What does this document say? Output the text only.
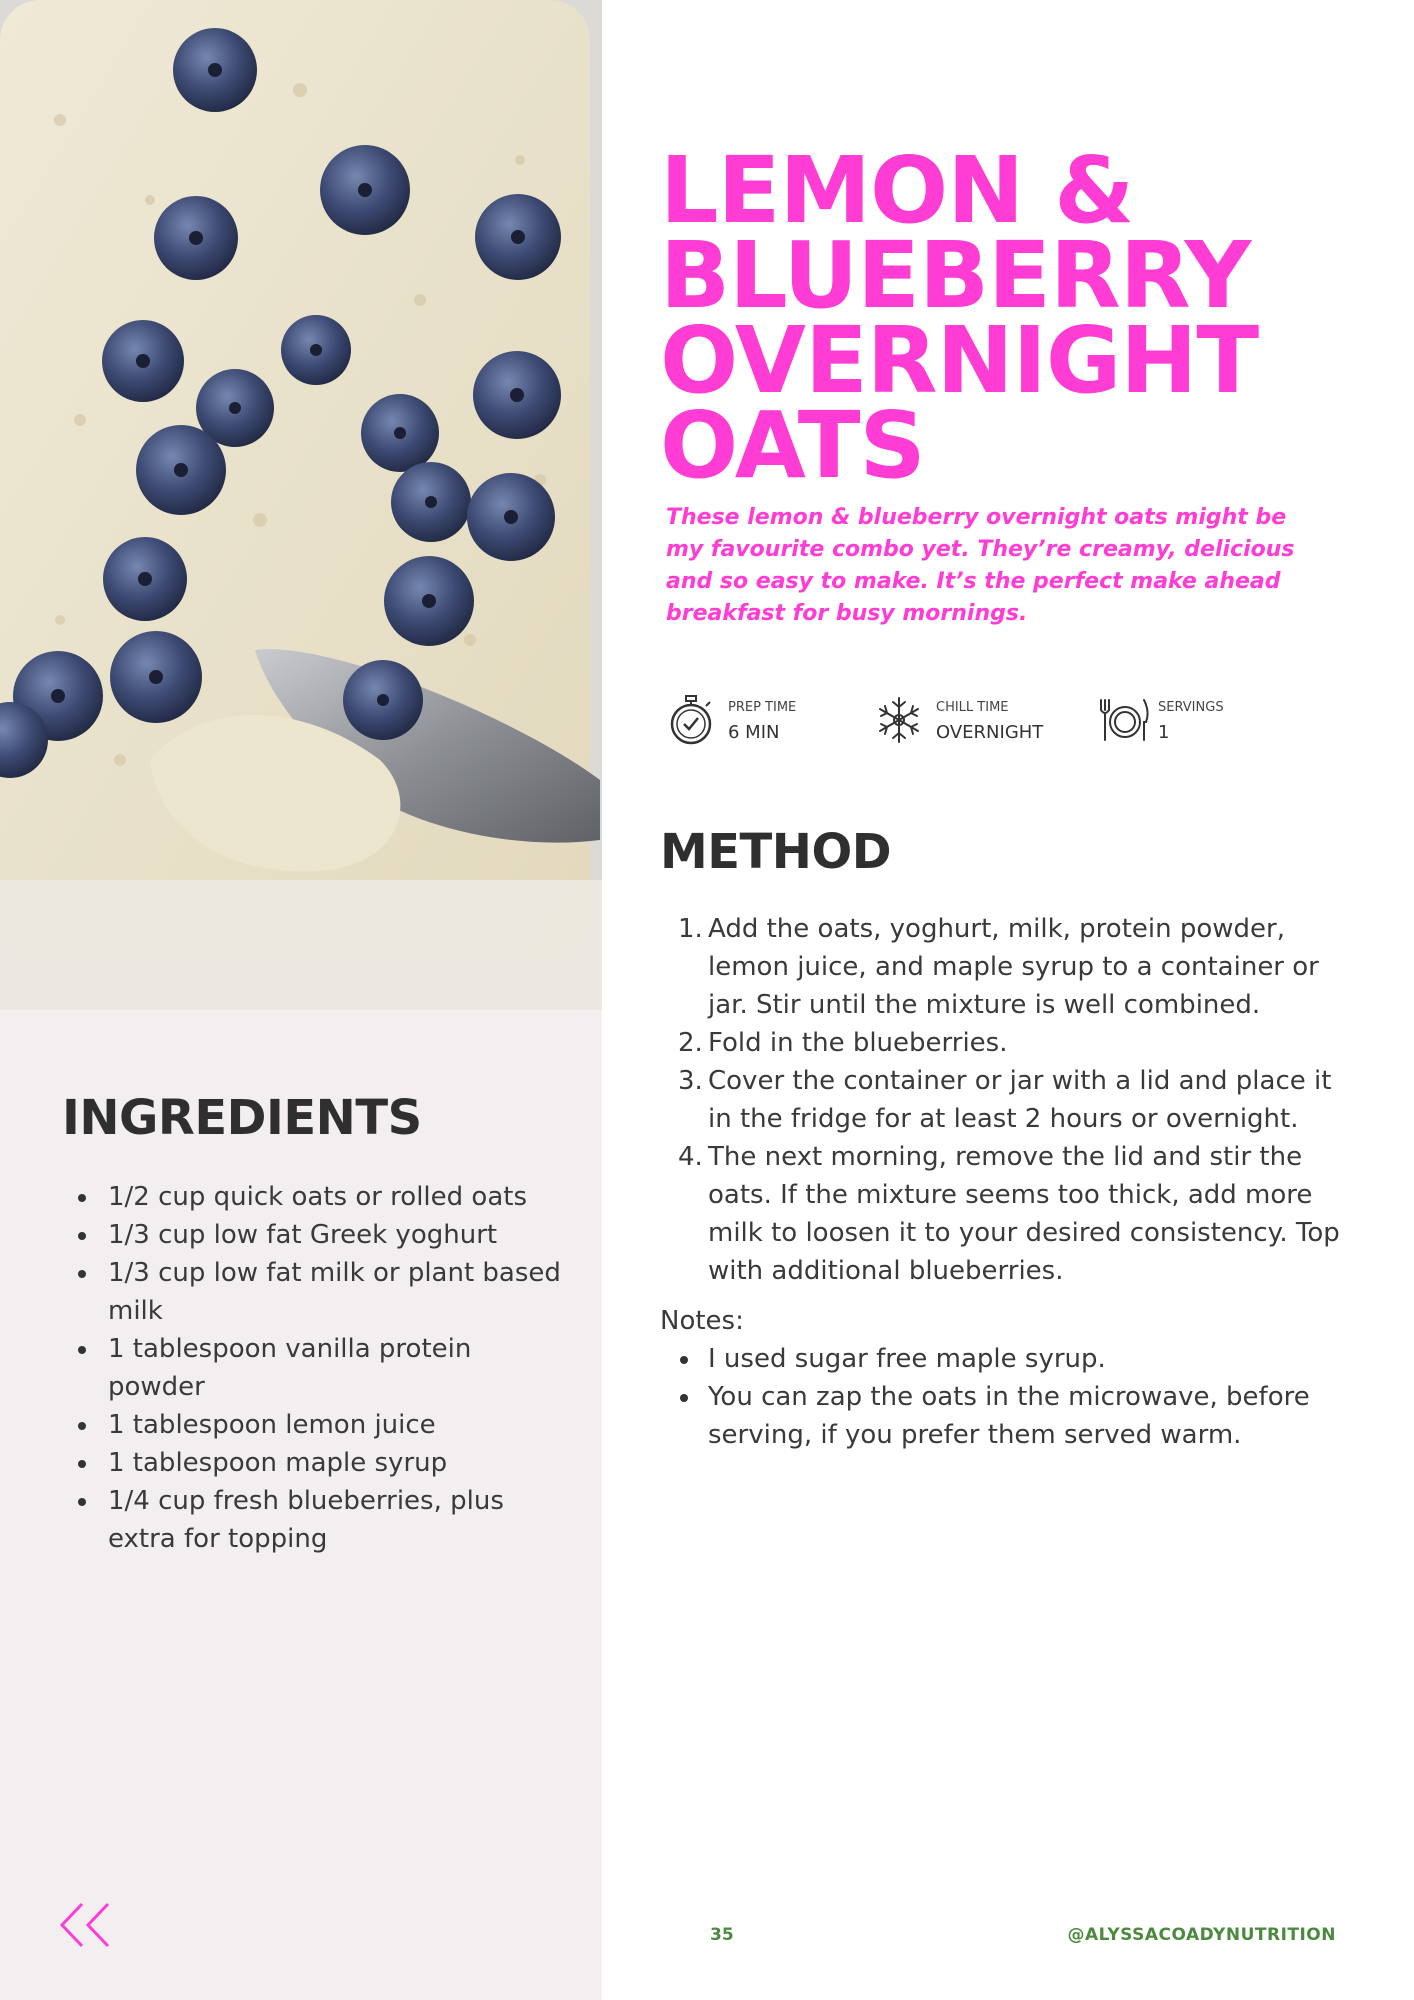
INGREDIENTS
1/2 cup quick oats or rolled oats
1/3 cup low fat Greek yoghurt
1/3 cup low fat milk or plant based milk
1 tablespoon vanilla protein powder
1 tablespoon lemon juice
1 tablespoon maple syrup
1/4 cup fresh blueberries, plus extra for topping
LEMON & BLUEBERRY OVERNIGHT OATS

These lemon & blueberry overnight oats might be my favourite combo yet. They’re creamy, delicious and so easy to make. It’s the perfect make ahead breakfast for busy mornings.

PREP TIME
6 MIN
CHILL TIME
OVERNIGHT
SERVINGS
1
METHOD
1. Add the oats, yoghurt, milk, protein powder, lemon juice, and maple syrup to a container or jar. Stir until the mixture is well combined.
2. Fold in the blueberries.
3. Cover the container or jar with a lid and place it in the fridge for at least 2 hours or overnight.
4. The next morning, remove the lid and stir the oats. If the mixture seems too thick, add more milk to loosen it to your desired consistency. Top with additional blueberries.
Notes:
I used sugar free maple syrup.
You can zap the oats in the microwave, before serving, if you prefer them served warm.
35	@ALYSSACOADYNUTRITION
